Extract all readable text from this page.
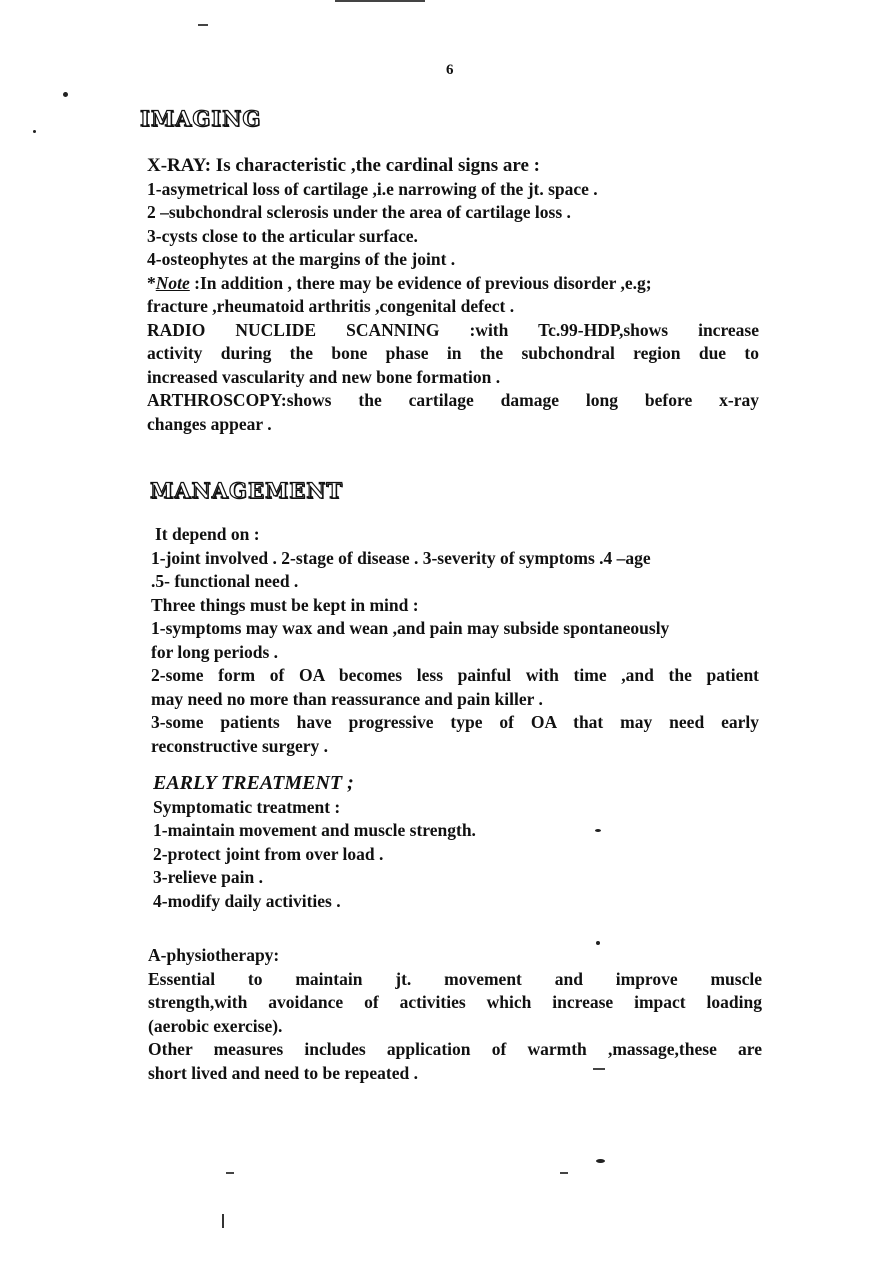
6
IMAGING

X-RAY: Is characteristic ,the cardinal signs are :

1-asymetrical loss of cartilage ,i.e narrowing of the jt. space .

2 –subchondral sclerosis under the area of cartilage loss .

3-cysts close to the articular surface.

4-osteophytes at the margins of the joint .

*Note :In addition , there may be evidence of previous disorder ,e.g;

fracture ,rheumatoid arthritis ,congenital defect .

RADIO NUCLIDE SCANNING :with Tc.99-HDP,shows increase

activity during the bone phase in the subchondral region due to

increased vascularity and new bone formation .

ARTHROSCOPY:shows the cartilage damage long before x-ray

changes appear .

MANAGEMENT

It depend on :

1-joint involved . 2-stage of disease . 3-severity of symptoms .4 –age

.5- functional need .

Three things must be kept in mind :

1-symptoms may wax and wean ,and pain may subside spontaneously

for long periods .

2-some form of OA becomes less painful with time ,and the patient

may need no more than reassurance and pain killer .

3-some patients have progressive type of OA that may need early

reconstructive surgery .

EARLY TREATMENT ;

Symptomatic treatment :

1-maintain movement and muscle strength.

2-protect joint from over load .

3-relieve pain .

4-modify daily activities .

A-physiotherapy:

Essential to maintain jt. movement and improve muscle

strength,with avoidance of activities which increase impact loading

(aerobic exercise).

Other measures includes application of warmth ,massage,these are

short lived and need to be repeated .
